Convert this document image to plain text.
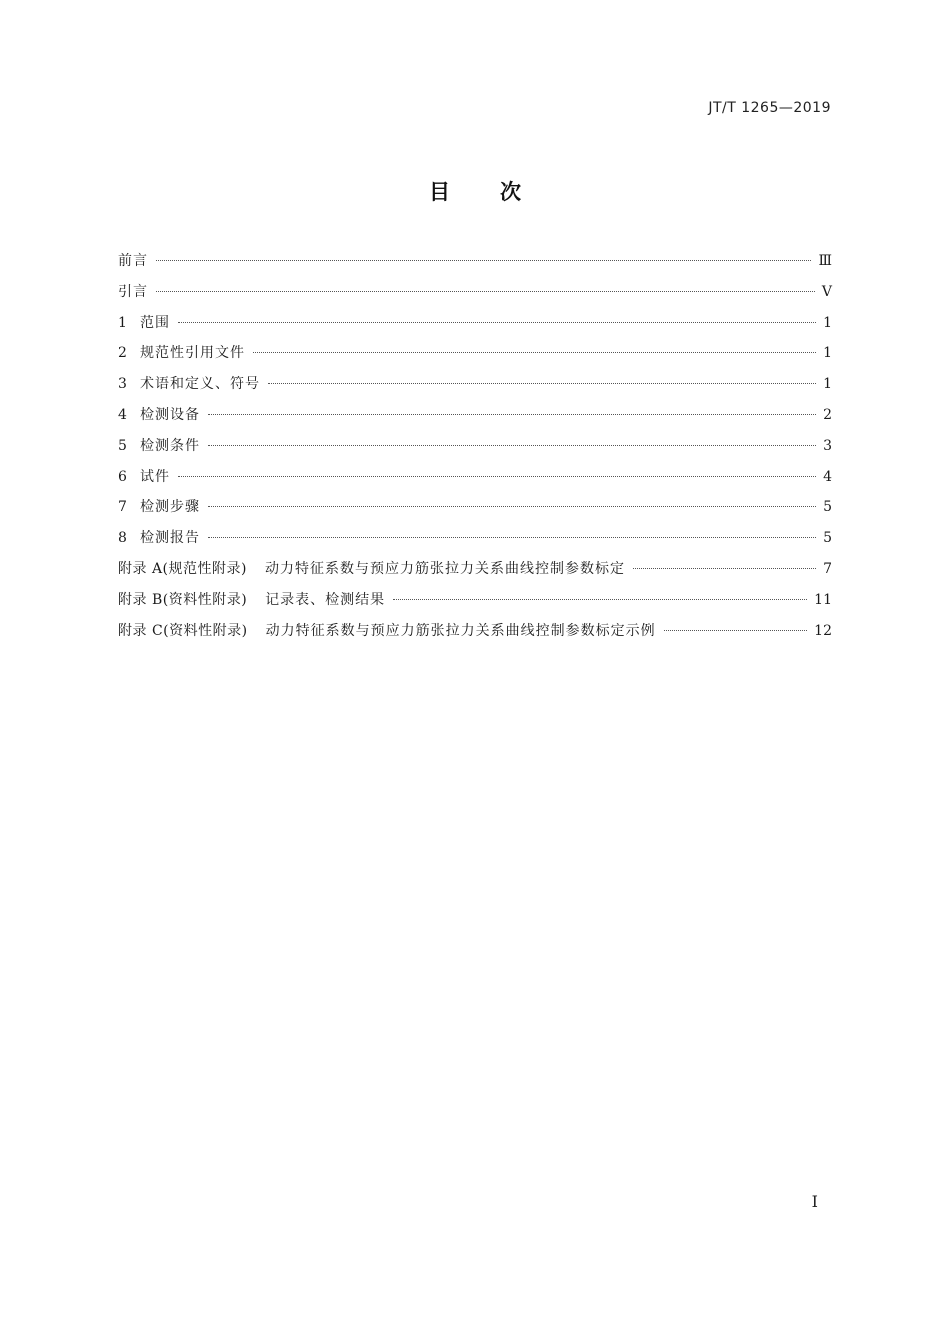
JT/T 1265—2019
目次
前言	Ⅲ
引言	V
1 范围	1
2 规范性引用文件	1
3 术语和定义、符号	1
4 检测设备	2
5 检测条件	3
6 试件	4
7 检测步骤	5
8 检测报告	5
附录 A(规范性附录) 动力特征系数与预应力筋张拉力关系曲线控制参数标定	7
附录 B(资料性附录) 记录表、检测结果	11
附录 C(资料性附录) 动力特征系数与预应力筋张拉力关系曲线控制参数标定示例	12
I
